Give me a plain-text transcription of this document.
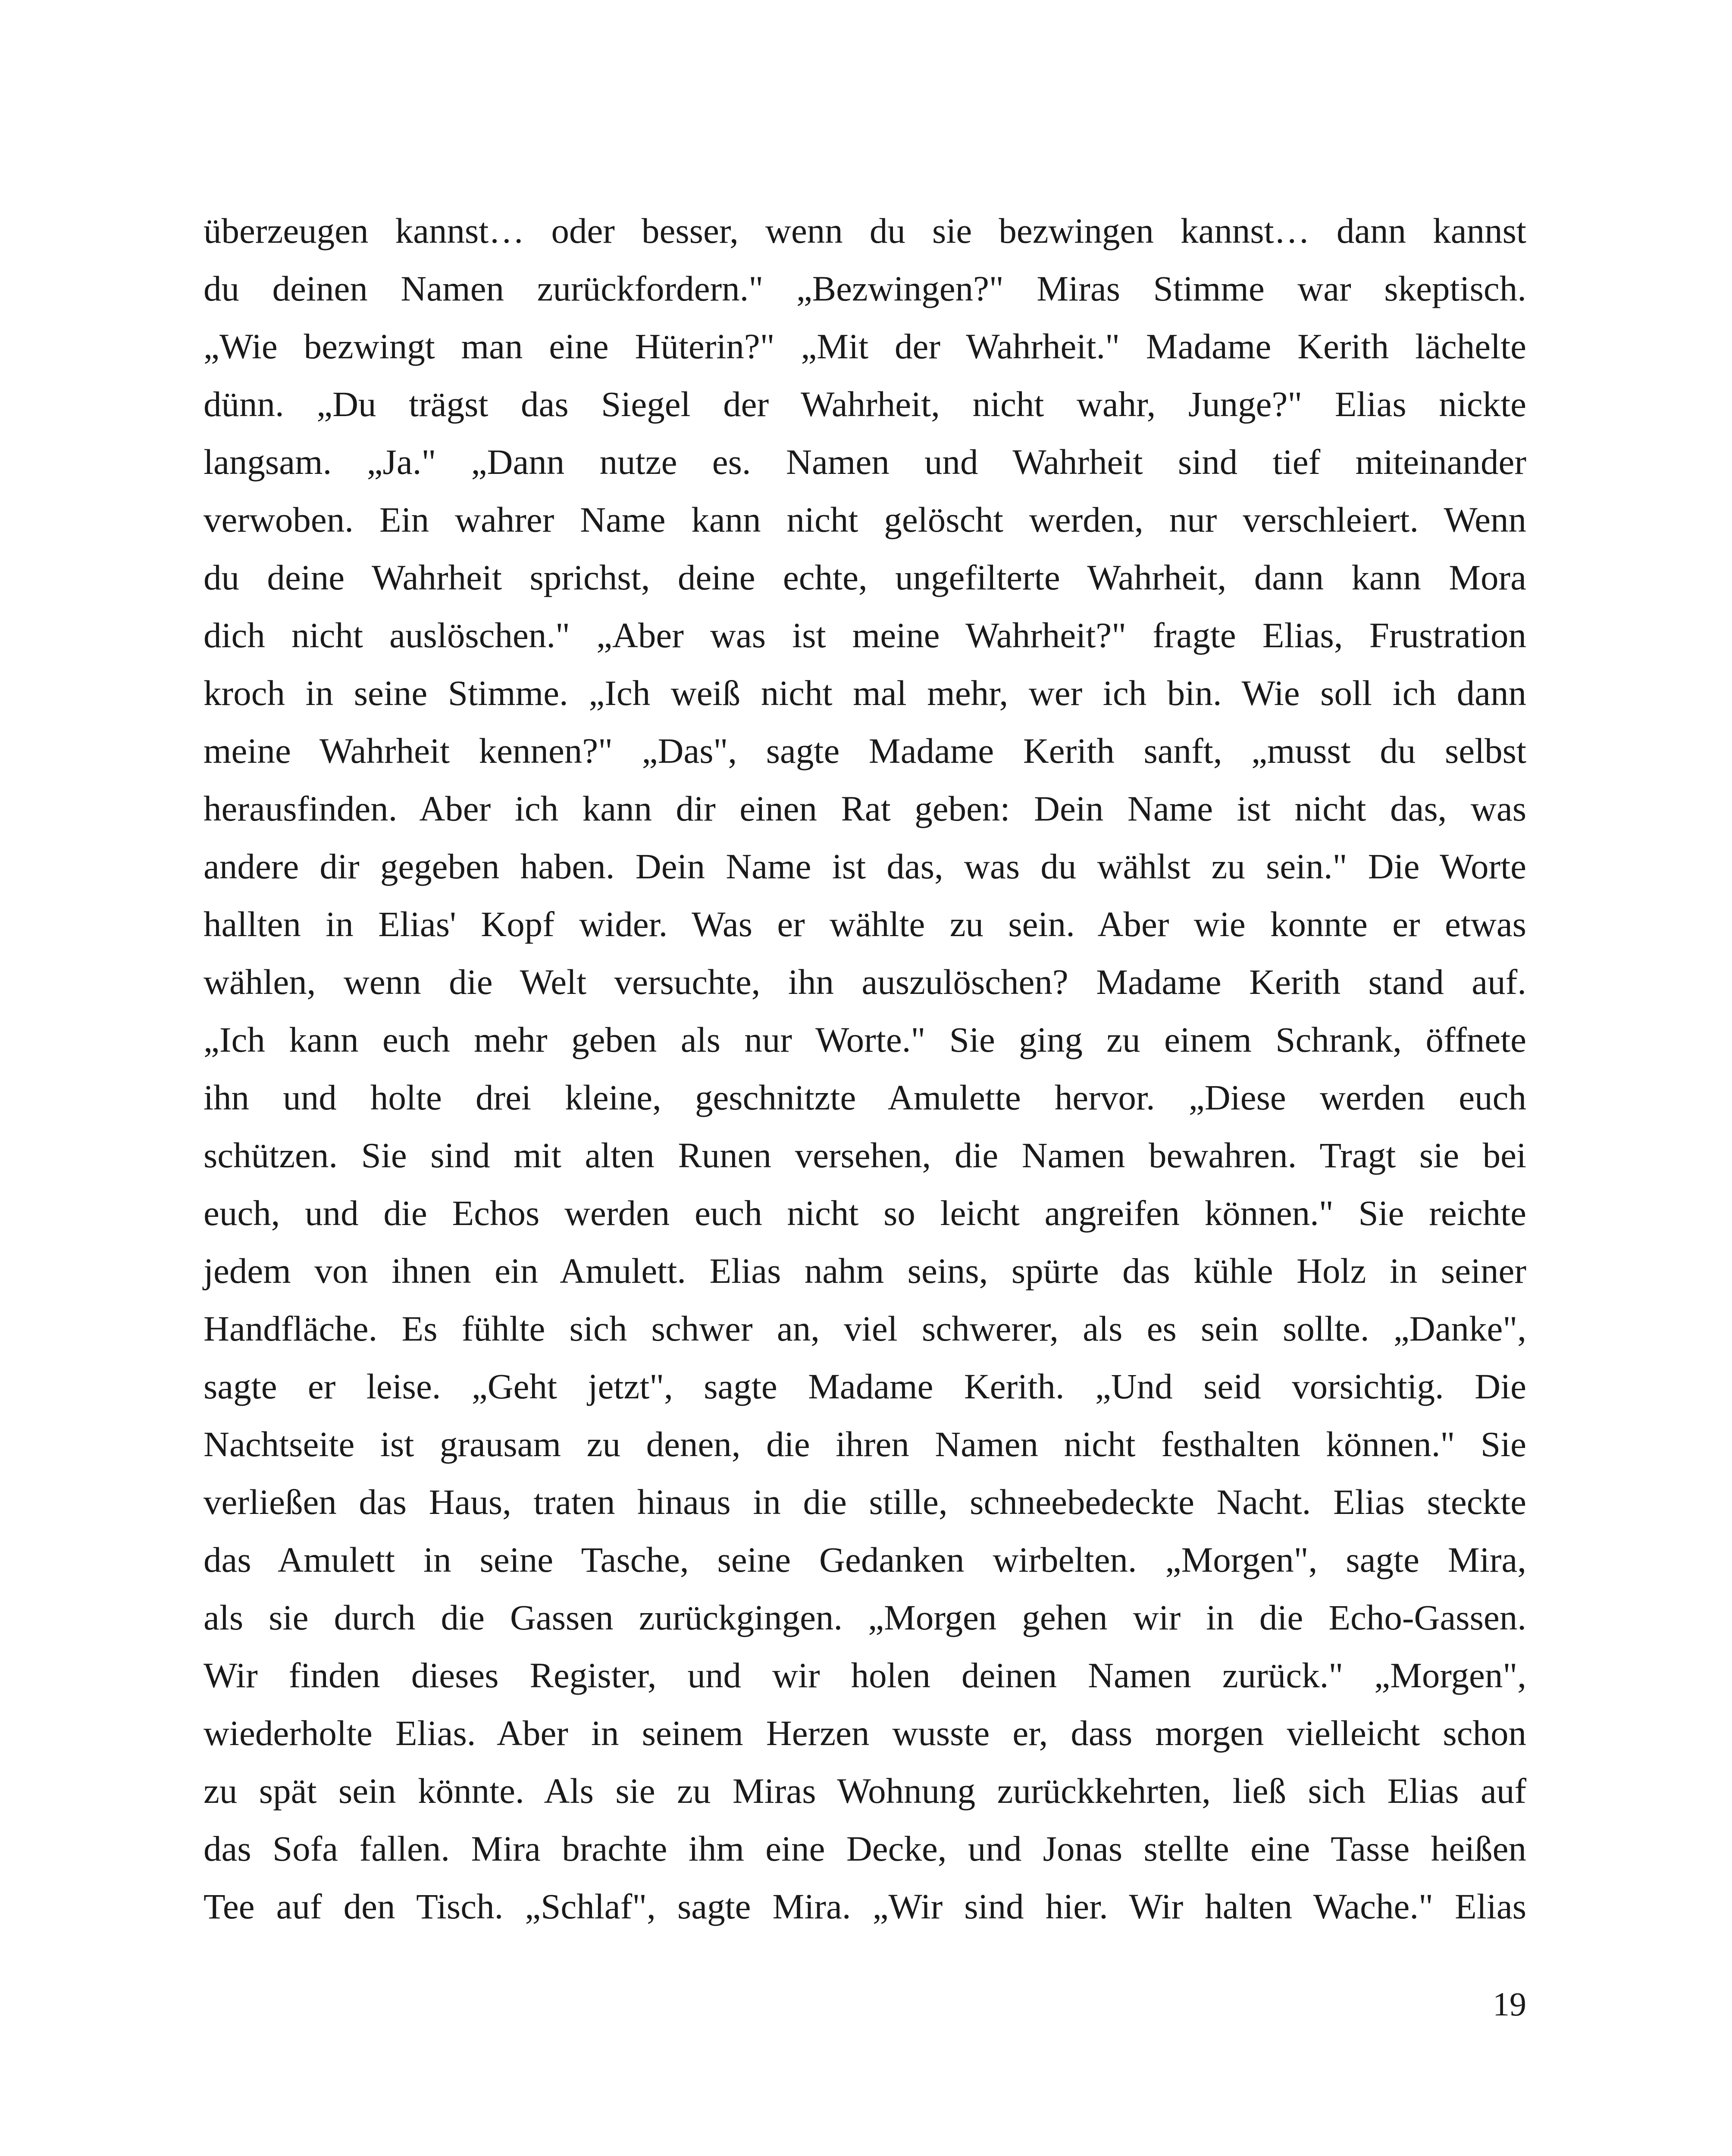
überzeugen kannst… oder besser, wenn du sie bezwingen kannst… dann kannst
du deinen Namen zurückfordern." „Bezwingen?" Miras Stimme war skeptisch.
„Wie bezwingt man eine Hüterin?" „Mit der Wahrheit." Madame Kerith lächelte
dünn. „Du trägst das Siegel der Wahrheit, nicht wahr, Junge?" Elias nickte
langsam. „Ja." „Dann nutze es. Namen und Wahrheit sind tief miteinander
verwoben. Ein wahrer Name kann nicht gelöscht werden, nur verschleiert. Wenn
du deine Wahrheit sprichst, deine echte, ungefilterte Wahrheit, dann kann Mora
dich nicht auslöschen." „Aber was ist meine Wahrheit?" fragte Elias, Frustration
kroch in seine Stimme. „Ich weiß nicht mal mehr, wer ich bin. Wie soll ich dann
meine Wahrheit kennen?" „Das", sagte Madame Kerith sanft, „musst du selbst
herausfinden. Aber ich kann dir einen Rat geben: Dein Name ist nicht das, was
andere dir gegeben haben. Dein Name ist das, was du wählst zu sein." Die Worte
hallten in Elias' Kopf wider. Was er wählte zu sein. Aber wie konnte er etwas
wählen, wenn die Welt versuchte, ihn auszulöschen? Madame Kerith stand auf.
„Ich kann euch mehr geben als nur Worte." Sie ging zu einem Schrank, öffnete
ihn und holte drei kleine, geschnitzte Amulette hervor. „Diese werden euch
schützen. Sie sind mit alten Runen versehen, die Namen bewahren. Tragt sie bei
euch, und die Echos werden euch nicht so leicht angreifen können." Sie reichte
jedem von ihnen ein Amulett. Elias nahm seins, spürte das kühle Holz in seiner
Handfläche. Es fühlte sich schwer an, viel schwerer, als es sein sollte. „Danke",
sagte er leise. „Geht jetzt", sagte Madame Kerith. „Und seid vorsichtig. Die
Nachtseite ist grausam zu denen, die ihren Namen nicht festhalten können." Sie
verließen das Haus, traten hinaus in die stille, schneebedeckte Nacht. Elias steckte
das Amulett in seine Tasche, seine Gedanken wirbelten. „Morgen", sagte Mira,
als sie durch die Gassen zurückgingen. „Morgen gehen wir in die Echo-Gassen.
Wir finden dieses Register, und wir holen deinen Namen zurück." „Morgen",
wiederholte Elias. Aber in seinem Herzen wusste er, dass morgen vielleicht schon
zu spät sein könnte. Als sie zu Miras Wohnung zurückkehrten, ließ sich Elias auf
das Sofa fallen. Mira brachte ihm eine Decke, und Jonas stellte eine Tasse heißen
Tee auf den Tisch. „Schlaf", sagte Mira. „Wir sind hier. Wir halten Wache." Elias
19
